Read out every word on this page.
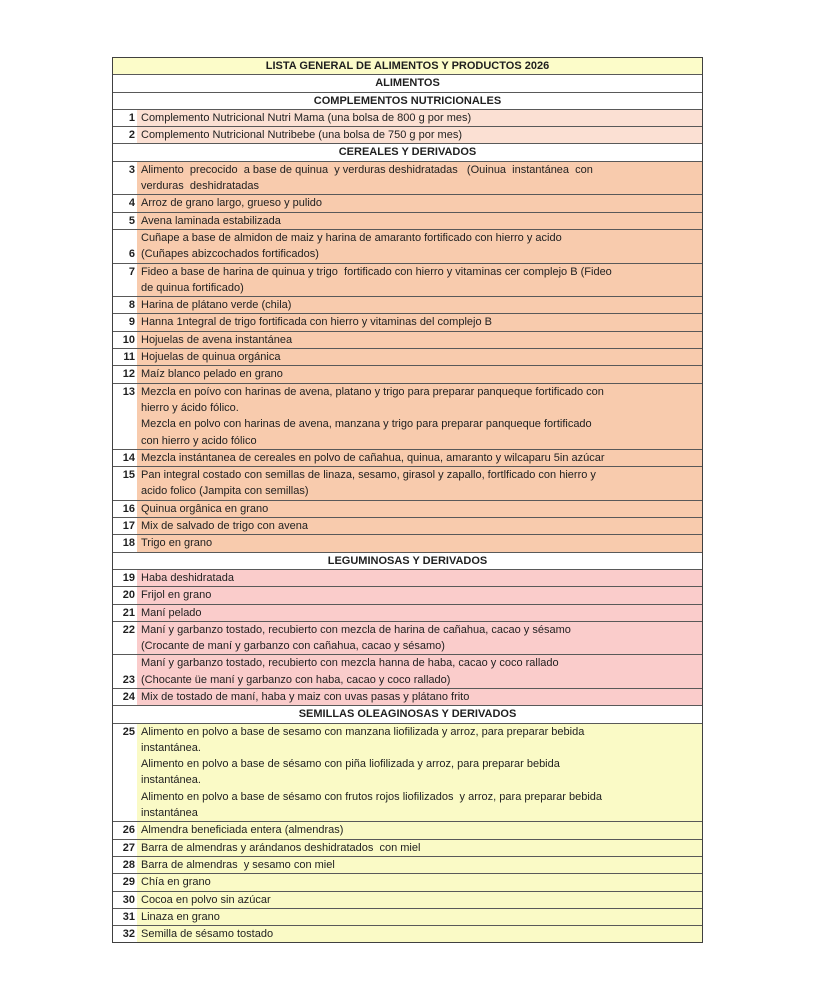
LISTA GENERAL DE ALIMENTOS Y PRODUCTOS 2026
ALIMENTOS
COMPLEMENTOS NUTRICIONALES
1 Complemento Nutricional Nutri Mama (una bolsa de 800 g por mes)
2 Complemento Nutricional Nutribebe (una bolsa de 750 g por mes)
CEREALES Y DERIVADOS
3 Alimento  precocido  a base de quinua  y verduras deshidratadas   (Ouinua  instantánea  con
verduras  deshidratadas
4 Arroz de grano largo, grueso y pulido
5 Avena laminada estabilizada
6
Cuñape a base de almidon de maiz y harina de amaranto fortificado con hierro y acido
(Cuñapes abizcochados fortificados)
7 Fideo a base de harina de quinua y trigo  fortificado con hierro y vitaminas cer complejo B (Fideo
de quinua fortificado)
8 Harina de plátano verde (chila)
9 Hanna 1ntegral de trigo fortificada con hierro y vitaminas del complejo B
10 Hojuelas de avena instantánea
11 Hojuelas de quinua orgánica
12 Maíz blanco pelado en grano
13 Mezcla en poívo con harinas de avena, platano y trigo para preparar panqueque fortificado con
hierro y ácido fólico.
Mezcla en polvo con harinas de avena, manzana y trigo para preparar panqueque fortificado
con hierro y acido fólico
14 Mezcla instántanea de cereales en polvo de cañahua, quinua, amaranto y wilcaparu 5in azúcar
15 Pan integral costado con semillas de linaza, sesamo, girasol y zapallo, fortlficado con hierro y
acido folico (Jampita con semillas)
16 Quinua orgânica en grano
17 Mix de salvado de trigo con avena
18 Trigo en grano
LEGUMINOSAS Y DERIVADOS
19 Haba deshidratada
20 Frijol en grano
21 Maní pelado
22 Maní y garbanzo tostado, recubierto con mezcla de harina de cañahua, cacao y sésamo
(Crocante de maní y garbanzo con cañahua, cacao y sésamo)
23
Maní y garbanzo tostado, recubierto con mezcla hanna de haba, cacao y coco rallado
(Chocante üe maní y garbanzo con haba, cacao y coco rallado)
24 Mix de tostado de maní, haba y maiz con uvas pasas y plátano frito
SEMILLAS OLEAGINOSAS Y DERIVADOS
25 Alimento en polvo a base de sesamo con manzana liofilizada y arroz, para preparar bebida
instantánea.
Alimento en polvo a base de sésamo con piña liofilizada y arroz, para preparar bebida
instantánea.
Alimento en polvo a base de sésamo con frutos rojos liofilizados  y arroz, para preparar bebida
instantánea
26 Almendra beneficiada entera (almendras)
27 Barra de almendras y arándanos deshidratados  con miel
28 Barra de almendras  y sesamo con miel
29 Chía en grano
30 Cocoa en polvo sin azúcar
31 Linaza en grano
32 Semilla de sésamo tostado
